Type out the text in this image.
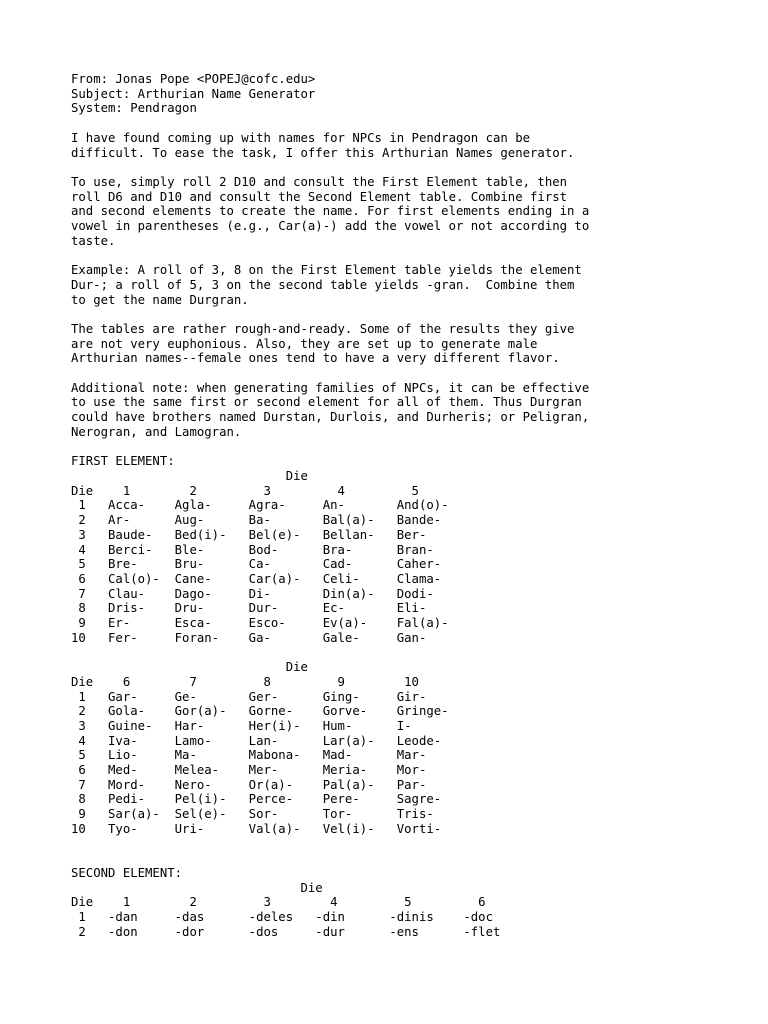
From: Jonas Pope <POPEJ@cofc.edu>
Subject: Arthurian Name Generator
System: Pendragon

I have found coming up with names for NPCs in Pendragon can be
difficult. To ease the task, I offer this Arthurian Names generator.

To use, simply roll 2 D10 and consult the First Element table, then
roll D6 and D10 and consult the Second Element table. Combine first
and second elements to create the name. For first elements ending in a
vowel in parentheses (e.g., Car(a)-) add the vowel or not according to
taste.

Example: A roll of 3, 8 on the First Element table yields the element
Dur-; a roll of 5, 3 on the second table yields -gran.  Combine them
to get the name Durgran.

The tables are rather rough-and-ready. Some of the results they give
are not very euphonious. Also, they are set up to generate male
Arthurian names--female ones tend to have a very different flavor.

Additional note: when generating families of NPCs, it can be effective
to use the same first or second element for all of them. Thus Durgran
could have brothers named Durstan, Durlois, and Durheris; or Peligran,
Nerogran, and Lamogran.

FIRST ELEMENT:
Die
Die    1        2         3         4         5
1   Acca-    Agla-     Agra-     An-       And(o)-
2   Ar-      Aug-      Ba-       Bal(a)-   Bande-
3   Baude-   Bed(i)-   Bel(e)-   Bellan-   Ber-
4   Berci-   Ble-      Bod-      Bra-      Bran-
5   Bre-     Bru-      Ca-       Cad-      Caher-
6   Cal(o)-  Cane-     Car(a)-   Celi-     Clama-
7   Clau-    Dago-     Di-       Din(a)-   Dodi-
8   Dris-    Dru-      Dur-      Ec-       Eli-
9   Er-      Esca-     Esco-     Ev(a)-    Fal(a)-
10   Fer-     Foran-    Ga-       Gale-     Gan-

Die
Die    6        7         8         9        10
1   Gar-     Ge-       Ger-      Ging-     Gir-
2   Gola-    Gor(a)-   Gorne-    Gorve-    Gringe-
3   Guine-   Har-      Her(i)-   Hum-      I-
4   Iva-     Lamo-     Lan-      Lar(a)-   Leode-
5   Lio-     Ma-       Mabona-   Mad-      Mar-
6   Med-     Melea-    Mer-      Meria-    Mor-
7   Mord-    Nero-     Or(a)-    Pal(a)-   Par-
8   Pedi-    Pel(i)-   Perce-    Pere-     Sagre-
9   Sar(a)-  Sel(e)-   Sor-      Tor-      Tris-
10   Tyo-     Uri-      Val(a)-   Vel(i)-   Vorti-

SECOND ELEMENT:
Die
Die    1        2         3        4         5         6
1   -dan     -das      -deles   -din      -dinis    -doc
2   -don     -dor      -dos     -dur      -ens      -flet
